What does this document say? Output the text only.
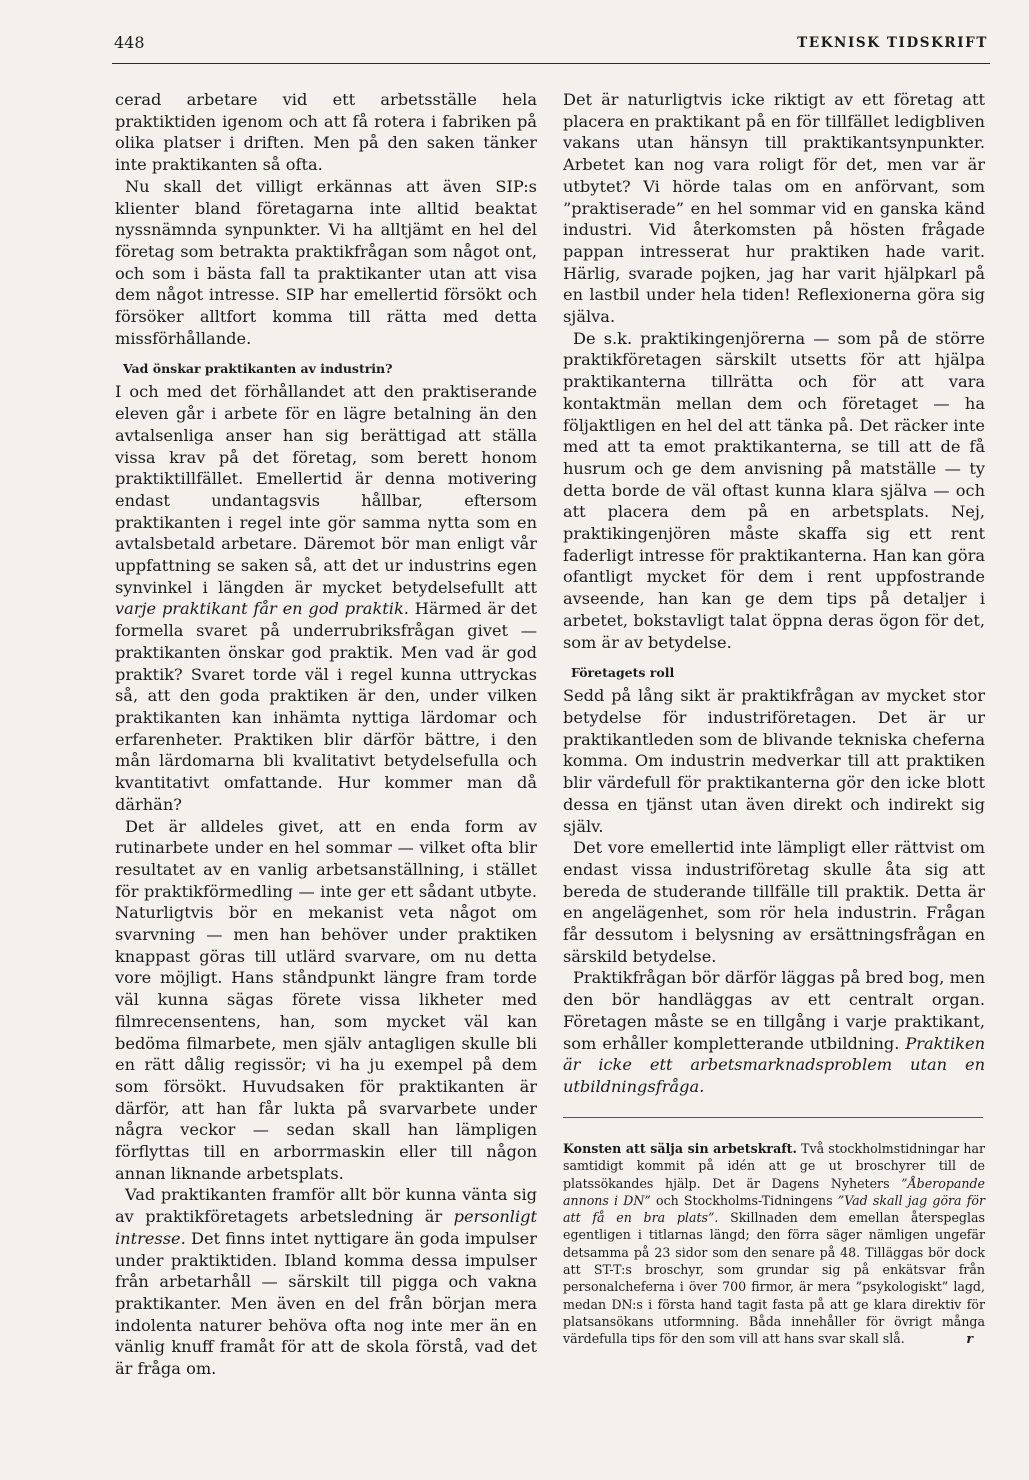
448	TEKNISK TIDSKRIFT

cerad arbetare vid ett arbetsställe hela praktiktiden igenom och att få rotera i fabriken på olika platser i driften. Men på den saken tänker inte praktikanten så ofta.

Nu skall det villigt erkännas att även SIP:s klienter bland företagarna inte alltid beaktat nyssnämnda synpunkter. Vi ha alltjämt en hel del företag som betrakta praktikfrågan som något ont, och som i bästa fall ta praktikanter utan att visa dem något intresse. SIP har emellertid försökt och försöker alltfort komma till rätta med detta missförhållande.

Vad önskar praktikanten av industrin?

I och med det förhållandet att den praktiserande eleven går i arbete för en lägre betalning än den avtalsenliga anser han sig berättigad att ställa vissa krav på det företag, som berett honom praktiktillfället. Emellertid är denna motivering endast undantagsvis hållbar, eftersom praktikanten i regel inte gör samma nytta som en avtalsbetald arbetare. Däremot bör man enligt vår uppfattning se saken så, att det ur industrins egen synvinkel i längden är mycket betydelsefullt att varje praktikant får en god praktik. Härmed är det formella svaret på underrubriksfrågan givet — praktikanten önskar god praktik. Men vad är god praktik? Svaret torde väl i regel kunna uttryckas så, att den goda praktiken är den, under vilken praktikanten kan inhämta nyttiga lärdomar och erfarenheter. Praktiken blir därför bättre, i den mån lärdomarna bli kvalitativt betydelsefulla och kvantitativt omfattande. Hur kommer man då därhän?

Det är alldeles givet, att en enda form av rutinarbete under en hel sommar — vilket ofta blir resultatet av en vanlig arbetsanställning, i stället för praktikförmedling — inte ger ett sådant utbyte. Naturligtvis bör en mekanist veta något om svarvning — men han behöver under praktiken knappast göras till utlärd svarvare, om nu detta vore möjligt. Hans ståndpunkt längre fram torde väl kunna sägas förete vissa likheter med filmrecensentens, han, som mycket väl kan bedöma filmarbete, men själv antagligen skulle bli en rätt dålig regissör; vi ha ju exempel på dem som försökt. Huvudsaken för praktikanten är därför, att han får lukta på svarvarbete under några veckor — sedan skall han lämpligen förflyttas till en arborrmaskin eller till någon annan liknande arbetsplats.

Vad praktikanten framför allt bör kunna vänta sig av praktikföretagets arbetsledning är personligt intresse. Det finns intet nyttigare än goda impulser under praktiktiden. Ibland komma dessa impulser från arbetarhåll — särskilt till pigga och vakna praktikanter. Men även en del från början mera indolenta naturer behöva ofta nog inte mer än en vänlig knuff framåt för att de skola förstå, vad det är fråga om.

Det är naturligtvis icke riktigt av ett företag att placera en praktikant på en för tillfället ledigbliven vakans utan hänsyn till praktikantsynpunkter. Arbetet kan nog vara roligt för det, men var är utbytet? Vi hörde talas om en anförvant, som ”praktiserade” en hel sommar vid en ganska känd industri. Vid återkomsten på hösten frågade pappan intresserat hur praktiken hade varit. Härlig, svarade pojken, jag har varit hjälpkarl på en lastbil under hela tiden! Reflexionerna göra sig själva.

De s.k. praktikingenjörerna — som på de större praktikföretagen särskilt utsetts för att hjälpa praktikanterna tillrätta och för att vara kontaktmän mellan dem och företaget — ha följaktligen en hel del att tänka på. Det räcker inte med att ta emot praktikanterna, se till att de få husrum och ge dem anvisning på matställe — ty detta borde de väl oftast kunna klara själva — och att placera dem på en arbetsplats. Nej, praktikingenjören måste skaffa sig ett rent faderligt intresse för praktikanterna. Han kan göra ofantligt mycket för dem i rent uppfostrande avseende, han kan ge dem tips på detaljer i arbetet, bokstavligt talat öppna deras ögon för det, som är av betydelse.

Företagets roll

Sedd på lång sikt är praktikfrågan av mycket stor betydelse för industriföretagen. Det är ur praktikantleden som de blivande tekniska cheferna komma. Om industrin medverkar till att praktiken blir värdefull för praktikanterna gör den icke blott dessa en tjänst utan även direkt och indirekt sig själv.

Det vore emellertid inte lämpligt eller rättvist om endast vissa industriföretag skulle åta sig att bereda de studerande tillfälle till praktik. Detta är en angelägenhet, som rör hela industrin. Frågan får dessutom i belysning av ersättningsfrågan en särskild betydelse.

Praktikfrågan bör därför läggas på bred bog, men den bör handläggas av ett centralt organ. Företagen måste se en tillgång i varje praktikant, som erhåller kompletterande utbildning. Praktiken är icke ett arbetsmarknadsproblem utan en utbildningsfråga.

Konsten att sälja sin arbetskraft. Två stockholmstidningar har samtidigt kommit på idén att ge ut broschyrer till de platssökandes hjälp. Det är Dagens Nyheters ”Åberopande annons i DN” och Stockholms-Tidningens ”Vad skall jag göra för att få en bra plats”. Skillnaden dem emellan återspeglas egentligen i titlarnas längd; den förra säger nämligen ungefär detsamma på 23 sidor som den senare på 48. Tilläggas bör dock att ST-T:s broschyr, som grundar sig på enkätsvar från personalcheferna i över 700 firmor, är mera ”psykologiskt” lagd, medan DN:s i första hand tagit fasta på att ge klara direktiv för platsansökans utformning. Båda innehåller för övrigt många värdefulla tips för den som vill att hans svar skall slå.	r
